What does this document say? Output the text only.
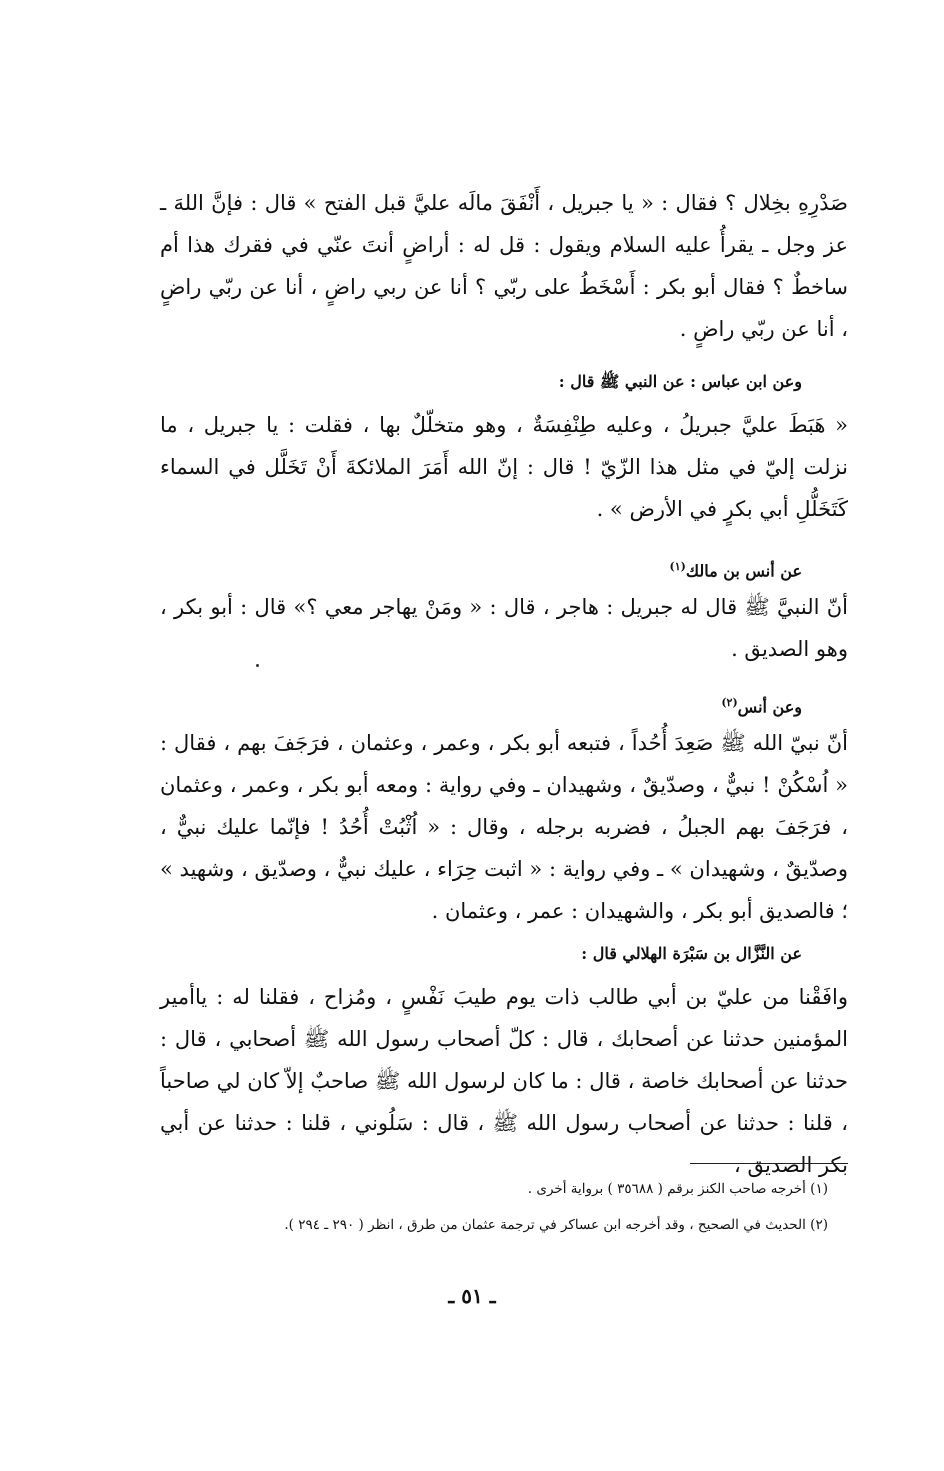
صَدْرِهِ بخِلال ؟ فقال : « يا جبريل ، أَنْفَقَ مالَه عليَّ قبل الفتح » قال : فإنَّ اللهَ ـ عز وجل ـ يقرأُ عليه السلام ويقول : قل له : أراضٍ أنتَ عنّي في فقرك هذا أم ساخطٌ ؟ فقال أبو بكر : أَسْخَطُ على ربّي ؟ أنا عن ربي راضٍ ، أنا عن ربّي راضٍ ، أنا عن ربّي راضٍ .

وعن ابن عباس : عن النبي ﷺ قال :

« هَبَطَ عليَّ جبريلُ ، وعليه طِنْفِسَةٌ ، وهو متخلّلٌ بها ، فقلت : يا جبريل ، ما نزلت إليّ في مثل هذا الزّيّ ! قال : إنّ الله أَمَرَ الملائكةَ أَنْ تَخَلَّل في السماء كَتَخَلُّلِ أبي بكرٍ في الأرض » .

عن أنس بن مالك$^{(١)}$

أنّ النبيَّ ﷺ قال له جبريل : هاجر ، قال : « ومَنْ يهاجر معي ؟» قال : أبو بكر ، وهو الصديق .

وعن أنس$^{(٢)}$

أنّ نبيّ الله ﷺ صَعِدَ أُحُداً ، فتبعه أبو بكر ، وعمر ، وعثمان ، فرَجَفَ بهم ، فقال : « اُسْكُنْ ! نبيٌّ ، وصدّيقٌ ، وشهيدان ـ وفي رواية : ومعه أبو بكر ، وعمر ، وعثمان ، فرَجَفَ بهم الجبلُ ، فضربه برجله ، وقال : « اُثْبُتْ أُحُدُ ! فإنّما عليك نبيٌّ ، وصدّيقٌ ، وشهيدان » ـ وفي رواية : « اثبت حِرَاء ، عليك نبيٌّ ، وصدّيق ، وشهيد » ؛ فالصديق أبو بكر ، والشهيدان : عمر ، وعثمان .

عن النَّزَّال بن سَبْرَة الهلالي قال :

وافَقْنا من عليّ بن أبي طالب ذات يوم طيبَ نَفْسٍ ، ومُزاح ، فقلنا له : ياأمير المؤمنين حدثنا عن أصحابك ، قال : كلّ أصحاب رسول الله ﷺ أصحابي ، قال : حدثنا عن أصحابك خاصة ، قال : ما كان لرسول الله ﷺ صاحبٌ إلاّ كان لي صاحباً ، قلنا : حدثنا عن أصحاب رسول الله ﷺ ، قال : سَلُوني ، قلنا : حدثنا عن أبي بكر الصديق ،

(١) أخرجه صاحب الكنز برقم ( ٣٥٦٨٨ ) برواية أخرى .

(٢) الحديث في الصحيح ، وقد أخرجه ابن عساكر في ترجمة عثمان من طرق ، انظر ( ٢٩٠ ـ ٢٩٤ ).

ـ ٥١ ـ
